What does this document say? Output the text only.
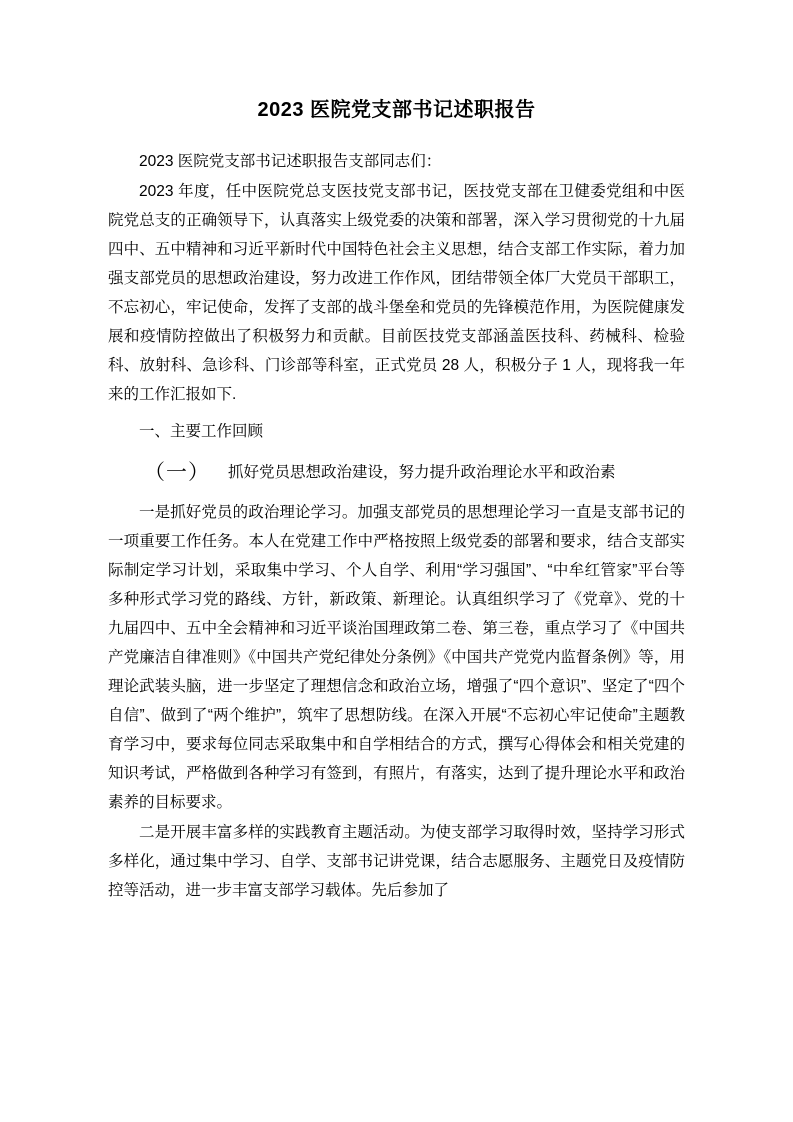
2023 医院党支部书记述职报告

2023 医院党支部书记述职报告支部同志们：

2023 年度，任中医院党总支医技党支部书记，医技党支部在卫健委党组和中医院党总支的正确领导下，认真落实上级党委的决策和部署，深入学习贯彻党的十九届四中、五中精神和习近平新时代中国特色社会主义思想，结合支部工作实际，着力加强支部党员的思想政治建设，努力改进工作作风，团结带领全体厂大党员干部职工，不忘初心，牢记使命，发挥了支部的战斗堡垒和党员的先锋模范作用，为医院健康发展和疫情防控做出了积极努力和贡献。目前医技党支部涵盖医技科、药械科、检验科、放射科、急诊科、门诊部等科室，正式党员 28 人，积极分子 1 人，现将我一年来的工作汇报如下.

一、主要工作回顾

（一） 抓好党员思想政治建设，努力提升政治理论水平和政治素

一是抓好党员的政治理论学习。加强支部党员的思想理论学习一直是支部书记的一项重要工作任务。本人在党建工作中严格按照上级党委的部署和要求，结合支部实际制定学习计划，采取集中学习、个人自学、利用“学习强国”、“中牟红管家”平台等多种形式学习党的路线、方针，新政策、新理论。认真组织学习了《党章》、党的十九届四中、五中全会精神和习近平谈治国理政第二卷、第三卷，重点学习了《中国共产党廉洁自律准则》《中国共产党纪律处分条例》《中国共产党党内监督条例》等，用理论武装头脑，进一步坚定了理想信念和政治立场，增强了“四个意识”、坚定了“四个自信”、做到了“两个维护”，筑牢了思想防线。在深入开展“不忘初心牢记使命”主题教育学习中，要求每位同志采取集中和自学相结合的方式，撰写心得体会和相关党建的知识考试，严格做到各种学习有签到，有照片，有落实，达到了提升理论水平和政治素养的目标要求。

二是开展丰富多样的实践教育主题活动。为使支部学习取得时效，坚持学习形式多样化，通过集中学习、自学、支部书记讲党课，结合志愿服务、主题党日及疫情防控等活动，进一步丰富支部学习载体。先后参加了
